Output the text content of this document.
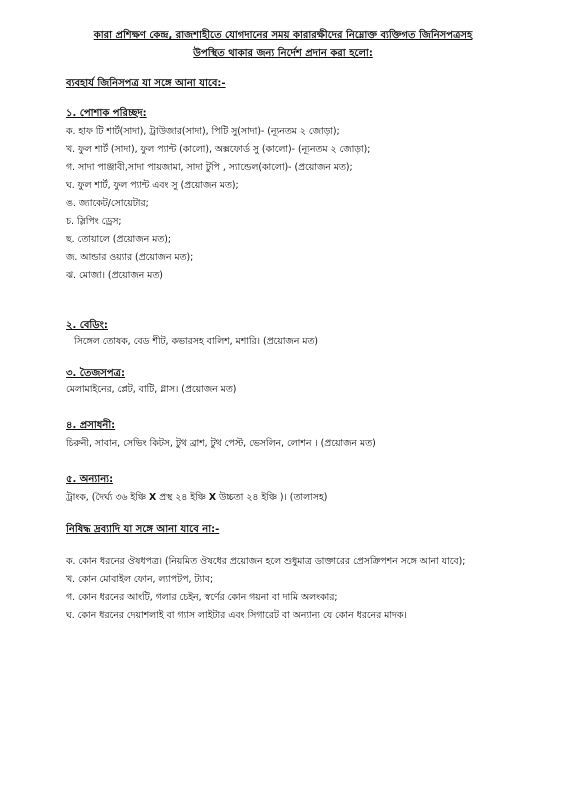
কারা প্রশিক্ষণ কেন্দ্র, রাজশাহীতে যোগদানের সময় কারারক্ষীদের নিম্নোক্ত ব্যক্তিগত জিনিসপত্রসহ
উপস্থিত থাকার জন্য নির্দেশ প্রদান করা হলো:
ব্যবহার্য জিনিসপত্র যা সঙ্গে আনা যাবে:-
১. পোশাক পরিচ্ছদ:
ক. হাফ টি শার্ট(সাদা), ট্রাউজার(সাদা), পিটি সু(সাদা)- (ন্যূনতম ২ জোড়া);
খ. ফুল শার্ট (সাদা), ফুল প্যান্ট (কালো), অক্সফোর্ড সু (কালো)- (ন্যূনতম ২ জোড়া);
গ. সাদা পাঞ্জাবী,সাদা পায়জামা, সাদা টুপি , স্যান্ডেল(কালো)- (প্রয়োজন মত);
ঘ. ফুল শার্ট, ফুল প্যান্ট এবং সু (প্রয়োজন মত);
ঙ. জ্যাকেট/সোয়েটার;
চ. স্লিপিং ড্রেস;
ছ. তোয়ালে (প্রয়োজন মত);
জ. আন্ডার ওয়্যার (প্রয়োজন মত);
ঝ. মোজা। (প্রয়োজন মত)
২. বেডিং:
সিঙ্গেল তোষক, বেড শীট, কভারসহ বালিশ, মশারি। (প্রয়োজন মত)
৩. তৈজসপত্র:
মেলামাইনের, প্লেট, বাটি, গ্লাস। (প্রয়োজন মত)
৪. প্রসাধনী:
চিরুনী, সাবান, সেভিং কিটস, টুথ ব্রাশ, টুথ পেস্ট, ভেসলিন, লোশন । (প্রয়োজন মত)
৫. অন্যান্য:
ট্রাংক, (দৈর্ঘ্য ৩৬ ইঞ্চি X প্রস্থ ২৪ ইঞ্চি X উচ্চতা ২৪ ইঞ্চি )। (তালাসহ)
নিষিদ্ধ দ্রব্যাদি যা সঙ্গে আনা যাবে না:-
ক. কোন ধরনের ঔষধপত্র। (নিয়মিত ঔষধের প্রয়োজন হলে শুধুমাত্র ডাক্তারের প্রেসক্রিপশন সঙ্গে আনা যাবে);
খ. কোন মোবাইল ফোন, ল্যাপটপ, ট্যাব;
গ. কোন ধরনের আংটি, গলার চেইন, স্বর্ণের কোন গয়না বা দামি অলংকার;
ঘ. কোন ধরনের দেয়াশলাই বা গ্যাস লাইটার এবং সিগারেট বা অন্যান্য যে কোন ধরনের মাদক।
